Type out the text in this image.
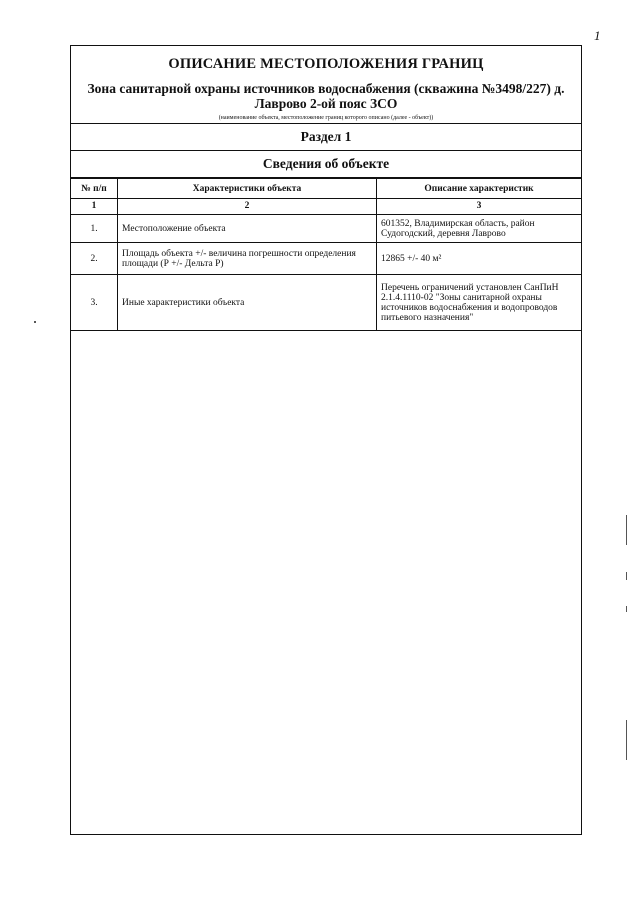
1
ОПИСАНИЕ МЕСТОПОЛОЖЕНИЯ ГРАНИЦ
Зона санитарной охраны источников водоснабжения (скважина №3498/227) д.
Лаврово 2-ой пояс ЗСО
(наименование объекта, местоположение границ которого описано (далее - объект))
Раздел 1
Сведения об объекте
№ п/п	Характеристики объекта	Описание характеристик
1	2	3
1.	Местоположение объекта	601352, Владимирская область, район Судогодский, деревня Лаврово
2.	Площадь объекта +/- величина погрешности определения площади (Р +/- Дельта Р)	12865 +/- 40 м²
3.	Иные характеристики объекта	Перечень ограничений установлен СанПиН 2.1.4.1110-02 "Зоны санитарной охраны источников водоснабжения и водопроводов питьевого назначения"
